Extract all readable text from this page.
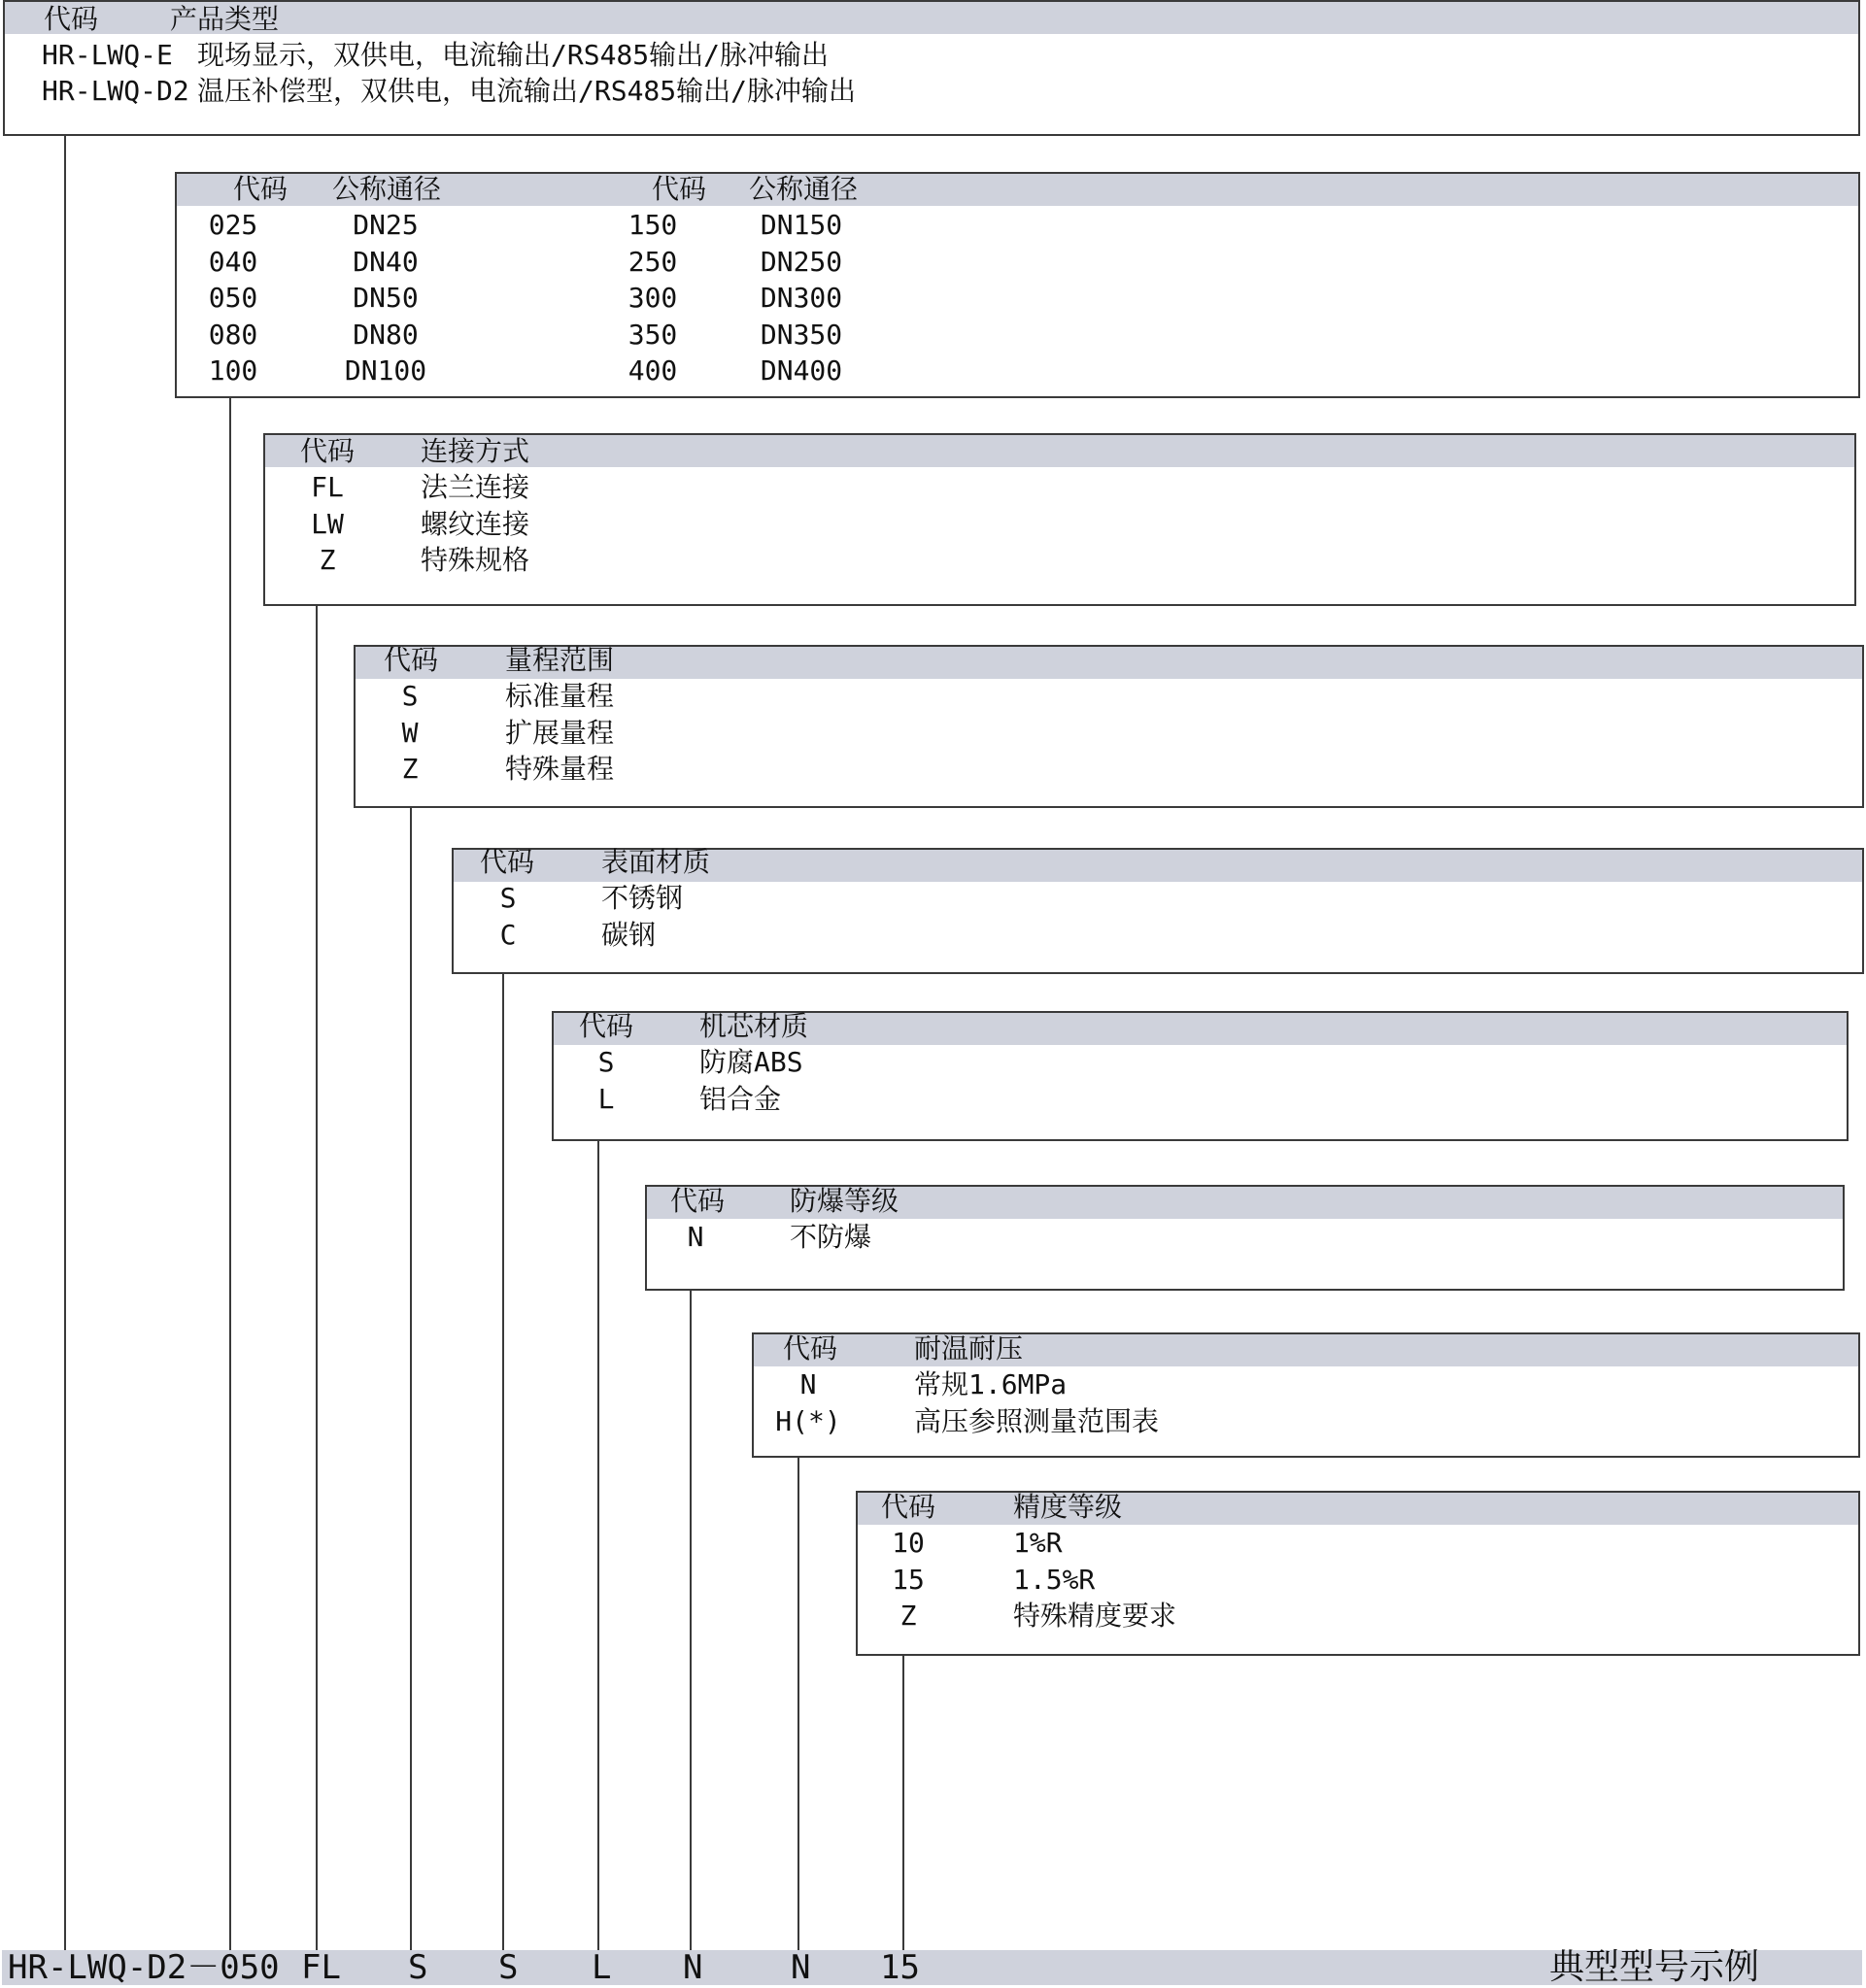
代码	产品类型
HR-LWQ-E 现场显示，双供电，电流输出/RS485输出/脉冲输出
HR-LWQ-D2 温压补偿型，双供电，电流输出/RS485输出/脉冲输出
代码 公称通径	代码 公称通径
025	DN25	150	DN150
040	DN40	250	DN250
050	DN50	300	DN300
080	DN80	350	DN350
100	DN100	400	DN400
代码 连接方式
FL	法兰连接
LW	螺纹连接
Z	特殊规格
代码 量程范围
S	标准量程
W	扩展量程
Z	特殊量程
代码 表面材质
S	不锈钢
C	碳钢
代码 机芯材质
S	防腐ABS
L	铝合金
代码 防爆等级
N	不防爆
代码	耐温耐压
N	常规1.6MPa
H(*)	高压参照测量范围表
代码	精度等级
10	1%R
15	1.5%R
Z	特殊精度要求
HR-LWQ-D2－050 FL S S L N	N 15	典型型号示例
